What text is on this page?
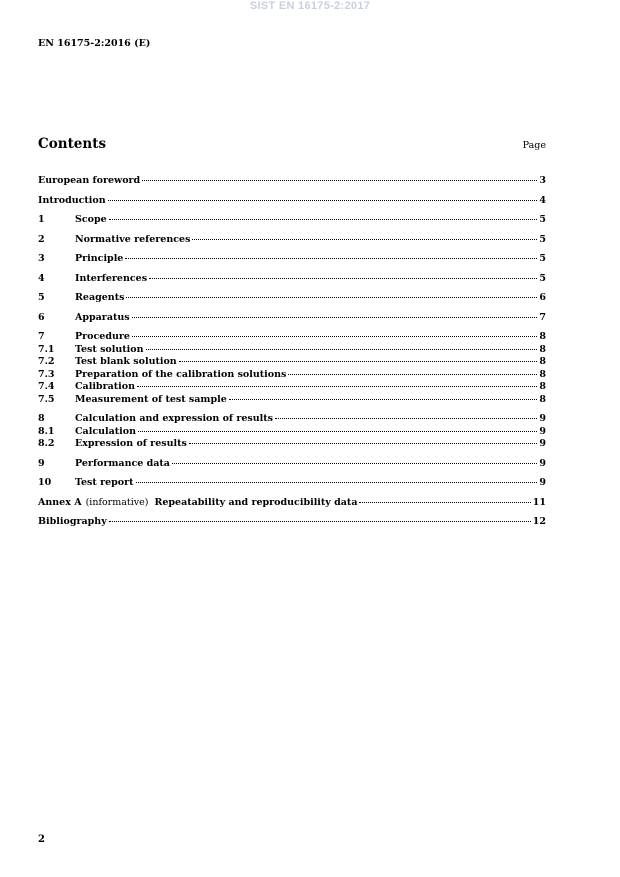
SIST EN 16175-2:2017
EN 16175-2:2016 (E)
Contents	Page
European foreword	3
Introduction	4
1	Scope	5
2	Normative references	5
3	Principle	5
4	Interferences	5
5	Reagents	6
6	Apparatus	7
7	Procedure	8
7.1	Test solution	8
7.2	Test blank solution	8
7.3	Preparation of the calibration solutions	8
7.4	Calibration	8
7.5	Measurement of test sample	8
8	Calculation and expression of results	9
8.1	Calculation	9
8.2	Expression of results	9
9	Performance data	9
10	Test report	9
Annex A (informative) Repeatability and reproducibility data	11
Bibliography	12
2
